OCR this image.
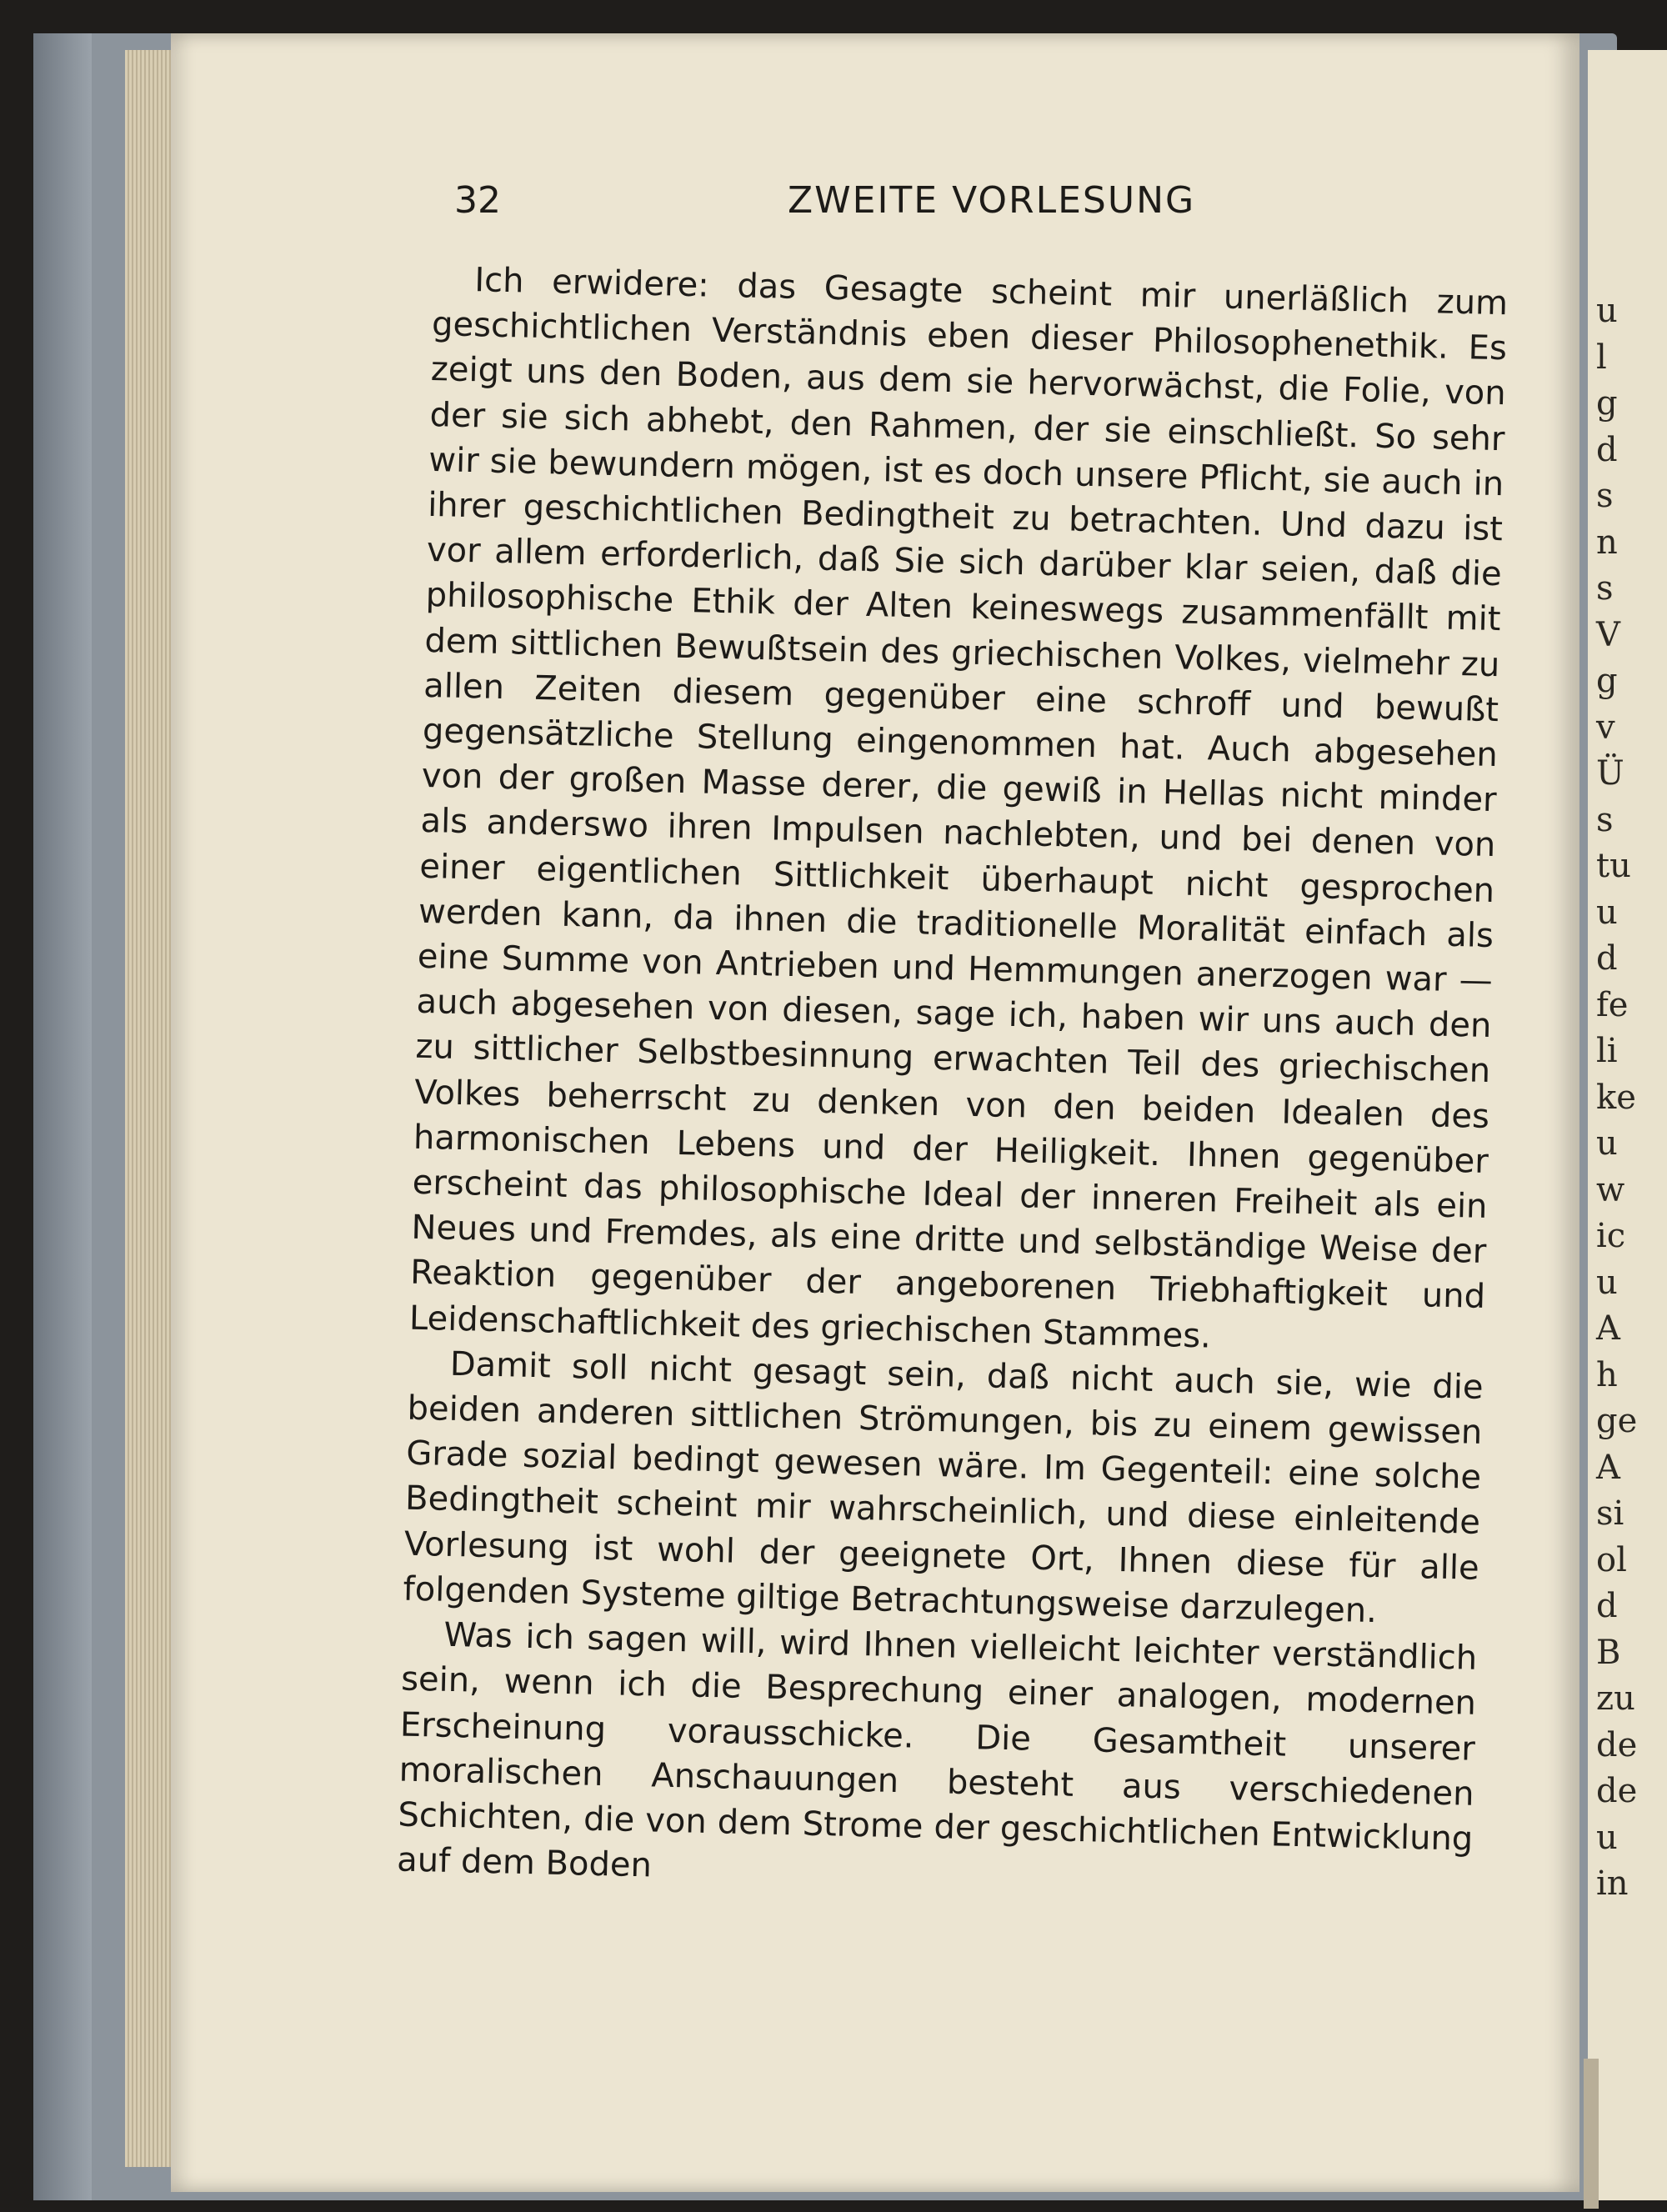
32	ZWEITE VORLESUNG

Ich erwidere: das Gesagte scheint mir unerläßlich zum geschichtlichen Verständnis eben dieser Philosophenethik. Es zeigt uns den Boden, aus dem sie hervorwächst, die Folie, von der sie sich abhebt, den Rahmen, der sie einschließt. So sehr wir sie bewundern mögen, ist es doch unsere Pflicht, sie auch in ihrer geschichtlichen Bedingtheit zu betrachten. Und dazu ist vor allem erforderlich, daß Sie sich darüber klar seien, daß die philosophische Ethik der Alten keineswegs zusammenfällt mit dem sittlichen Bewußtsein des griechischen Volkes, vielmehr zu allen Zeiten diesem gegenüber eine schroff und bewußt gegensätzliche Stellung eingenommen hat. Auch abgesehen von der großen Masse derer, die gewiß in Hellas nicht minder als anderswo ihren Impulsen nachlebten, und bei denen von einer eigentlichen Sittlichkeit überhaupt nicht gesprochen werden kann, da ihnen die traditionelle Moralität einfach als eine Summe von Antrieben und Hemmungen anerzogen war — auch abgesehen von diesen, sage ich, haben wir uns auch den zu sittlicher Selbstbesinnung erwachten Teil des griechischen Volkes beherrscht zu denken von den beiden Idealen des harmonischen Lebens und der Heiligkeit. Ihnen gegenüber erscheint das philosophische Ideal der inneren Freiheit als ein Neues und Fremdes, als eine dritte und selbständige Weise der Reaktion gegenüber der angeborenen Triebhaftigkeit und Leidenschaftlichkeit des griechischen Stammes.

Damit soll nicht gesagt sein, daß nicht auch sie, wie die beiden anderen sittlichen Strömungen, bis zu einem gewissen Grade sozial bedingt gewesen wäre. Im Gegenteil: eine solche Bedingtheit scheint mir wahrscheinlich, und diese einleitende Vorlesung ist wohl der geeignete Ort, Ihnen diese für alle folgenden Systeme giltige Betrachtungsweise darzulegen.

Was ich sagen will, wird Ihnen vielleicht leichter verständlich sein, wenn ich die Besprechung einer analogen, modernen Erscheinung vorausschicke. Die Gesamtheit unserer moralischen Anschauungen besteht aus verschiedenen Schichten, die von dem Strome der geschichtlichen Entwicklung auf dem Boden

u
l
g
d
s
n
s
V
g
v
Ü
s
tu
u
d
fe
li
ke
u
w
ic
u
A
h
ge
A
si
ol
d
B
zu
de
de
u
in
